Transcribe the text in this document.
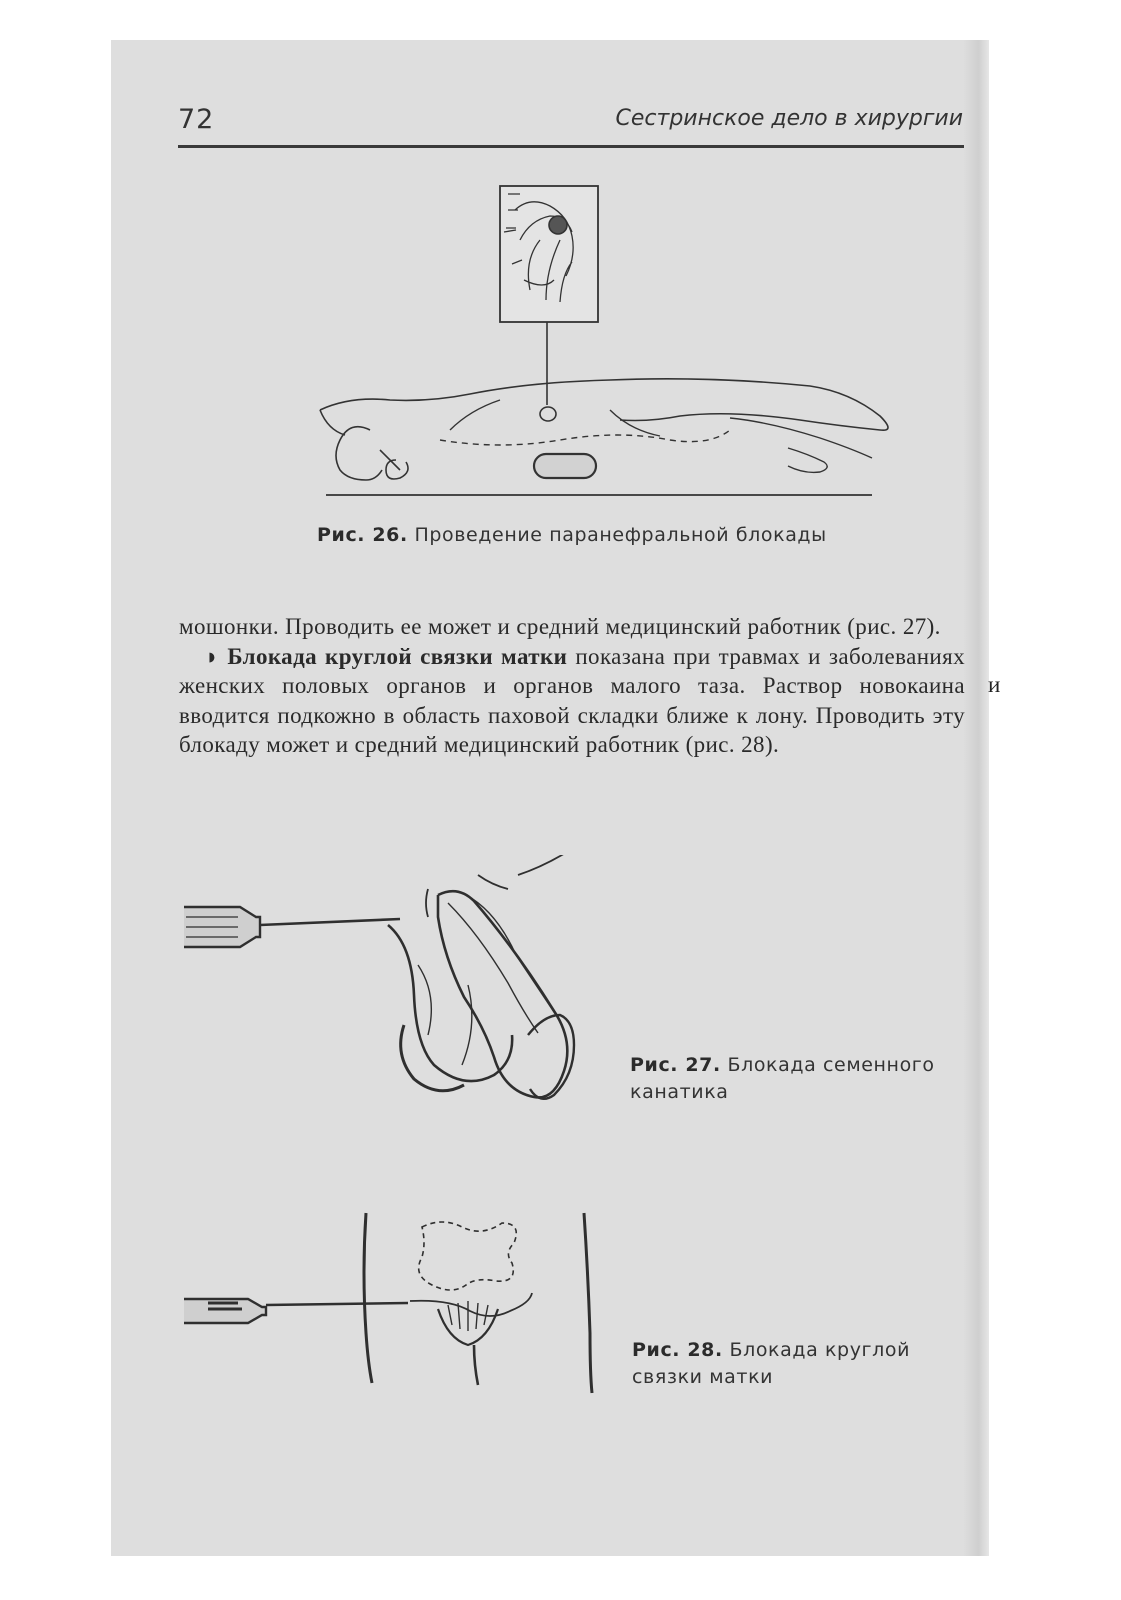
72	Сестринское дело в хирургии
Рис. 26. Проведение паранефральной блокады

мошонки. Проводить ее может и средний медицинский работник (рис. 27).

◗ Блокада круглой связки матки показана при травмах и заболеваниях женских половых органов и органов малого таза. Раствор новокаина вводится подкожно в область паховой складки ближе к лону. Проводить эту блокаду может и средний медицинский работник (рис. 28).

и
Рис. 27. Блокада семенного канатика
Рис. 28. Блокада круглой связки матки
